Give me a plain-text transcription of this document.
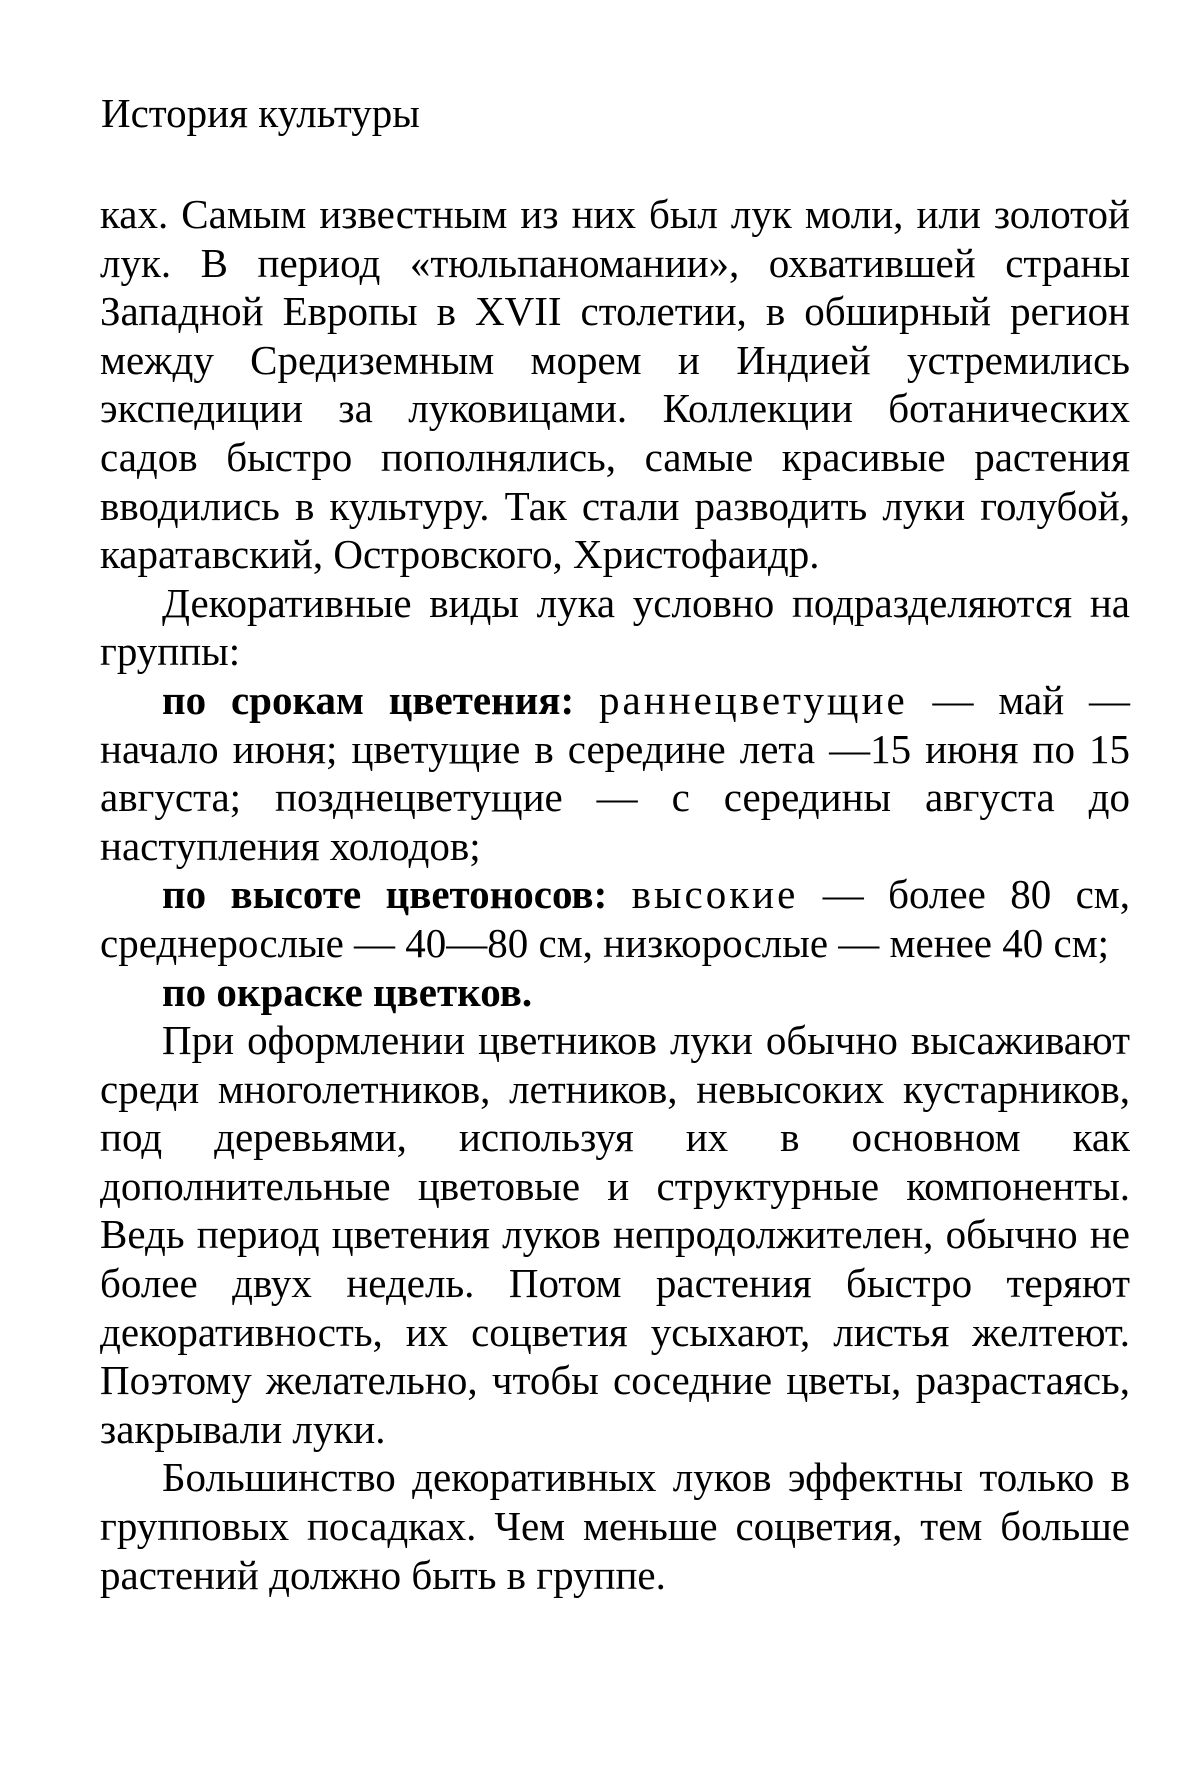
История культуры

ках. Самым известным из них был лук моли, или золотой лук. В период «тюльпаномании», охватившей страны Западной Европы в XVII столетии, в обширный регион между Средиземным морем и Индией устремились экспедиции за луковицами. Коллекции ботанических садов быстро пополнялись, самые красивые растения вводились в культуру. Так стали разводить луки голубой, каратавский, Островского, Христофаидр.

Декоративные виды лука условно подразделяются на группы:

по срокам цветения: раннецветущие — май — начало июня; цветущие в середине лета —15 июня по 15 августа; позднецветущие — с середины августа до наступления холодов;

по высоте цветоносов: высокие — более 80 см, среднерослые — 40—80 см, низкорослые — менее 40 см;

по окраске цветков.

При оформлении цветников луки обычно высаживают среди многолетников, летников, невысоких кустарников, под деревьями, используя их в основном как дополнительные цветовые и структурные компоненты. Ведь период цветения луков непродолжителен, обычно не более двух недель. Потом растения быстро теряют декоративность, их соцветия усыхают, листья желтеют. Поэтому желательно, чтобы соседние цветы, разрастаясь, закрывали луки.

Большинство декоративных луков эффектны только в групповых посадках. Чем меньше соцветия, тем больше растений должно быть в группе.
